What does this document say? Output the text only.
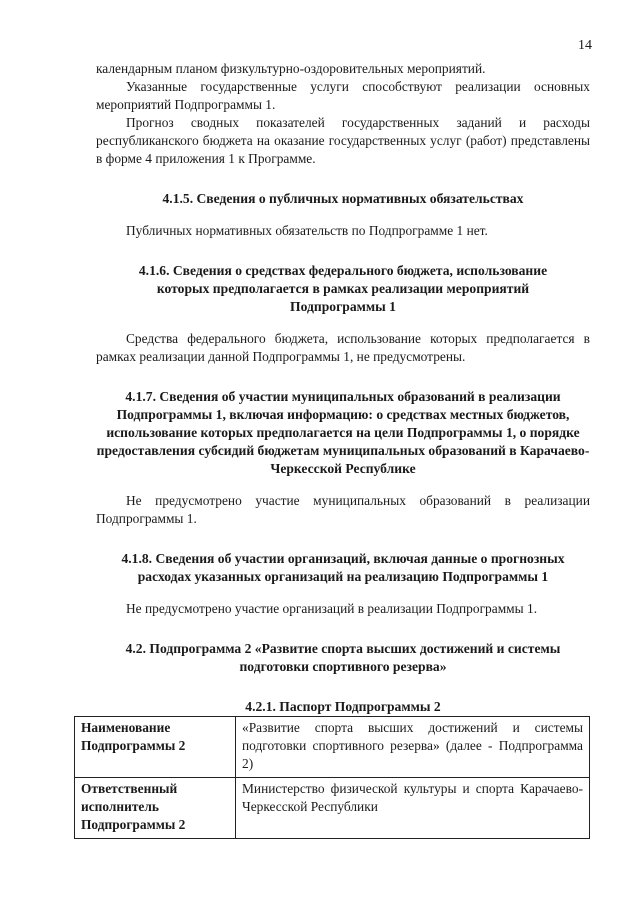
14

календарным планом физкультурно-оздоровительных мероприятий.

Указанные государственные услуги способствуют реализации основных мероприятий Подпрограммы 1.

Прогноз сводных показателей государственных заданий и расходы республиканского бюджета на оказание государственных услуг (работ) представлены в форме 4 приложения 1 к Программе.

4.1.5. Сведения о публичных нормативных обязательствах

Публичных нормативных обязательств по Подпрограмме 1 нет.

4.1.6. Сведения о средствах федерального бюджета, использование которых предполагается в рамках реализации мероприятий Подпрограммы 1

Средства федерального бюджета, использование которых предполагается в рамках реализации данной Подпрограммы 1, не предусмотрены.

4.1.7. Сведения об участии муниципальных образований в реализации Подпрограммы 1, включая информацию: о средствах местных бюджетов, использование которых предполагается на цели Подпрограммы 1, о порядке предоставления субсидий бюджетам муниципальных образований в Карачаево-Черкесской Республике

Не предусмотрено участие муниципальных образований в реализации Подпрограммы 1.

4.1.8. Сведения об участии организаций, включая данные о прогнозных расходах указанных организаций на реализацию Подпрограммы 1

Не предусмотрено участие организаций в реализации Подпрограммы 1.

4.2. Подпрограмма 2 «Развитие спорта высших достижений и системы подготовки спортивного резерва»

4.2.1. Паспорт Подпрограммы 2

Наименование Подпрограммы 2	«Развитие спорта высших достижений и системы подготовки спортивного резерва» (далее - Подпрограмма 2)
Ответственный исполнитель Подпрограммы 2	Министерство физической культуры и спорта Карачаево-Черкесской Республики
